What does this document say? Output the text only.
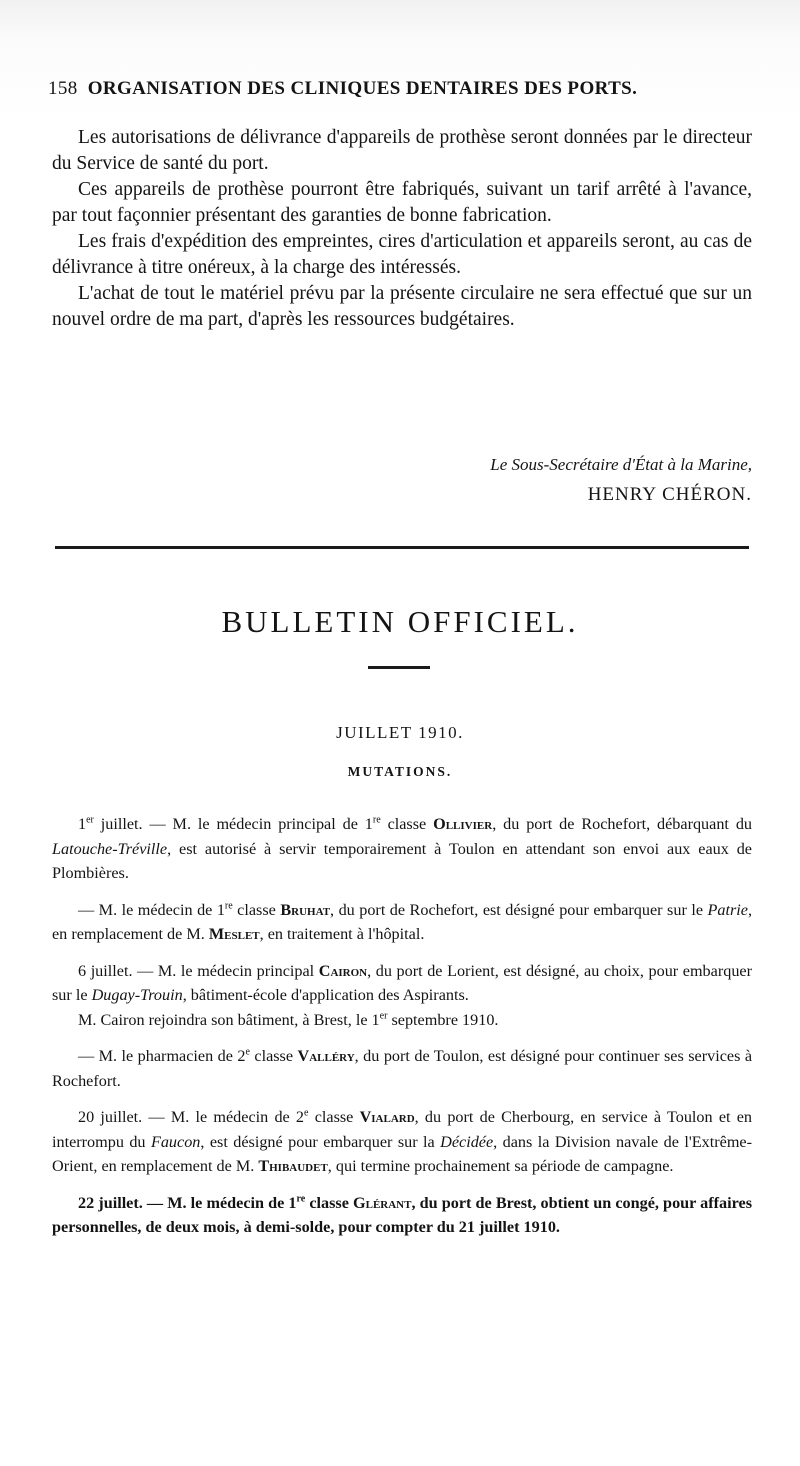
158 ORGANISATION DES CLINIQUES DENTAIRES DES PORTS.

Les autorisations de délivrance d'appareils de prothèse seront données par le directeur du Service de santé du port.

Ces appareils de prothèse pourront être fabriqués, suivant un tarif arrêté à l'avance, par tout façonnier présentant des garanties de bonne fabrication.

Les frais d'expédition des empreintes, cires d'articulation et appareils seront, au cas de délivrance à titre onéreux, à la charge des intéressés.

L'achat de tout le matériel prévu par la présente circulaire ne sera effectué que sur un nouvel ordre de ma part, d'après les ressources budgétaires.

Le Sous-Secrétaire d'État à la Marine,
HENRY CHÉRON.
BULLETIN OFFICIEL.
JUILLET 1910.
MUTATIONS.

1er juillet. — M. le médecin principal de 1re classe Ollivier, du port de Rochefort, débarquant du Latouche-Tréville, est autorisé à servir temporairement à Toulon en attendant son envoi aux eaux de Plombières.

— M. le médecin de 1re classe Bruhat, du port de Rochefort, est désigné pour embarquer sur le Patrie, en remplacement de M. Meslet, en traitement à l'hôpital.

6 juillet. — M. le médecin principal Cairon, du port de Lorient, est désigné, au choix, pour embarquer sur le Dugay-Trouin, bâtiment-école d'application des Aspirants.

M. Cairon rejoindra son bâtiment, à Brest, le 1er septembre 1910.

— M. le pharmacien de 2e classe Valléry, du port de Toulon, est désigné pour continuer ses services à Rochefort.

20 juillet. — M. le médecin de 2e classe Vialard, du port de Cherbourg, en service à Toulon et en interrompu du Faucon, est désigné pour embarquer sur la Décidée, dans la Division navale de l'Extrême-Orient, en remplacement de M. Thibaudet, qui termine prochainement sa période de campagne.

22 juillet. — M. le médecin de 1re classe Glérant, du port de Brest, obtient un congé, pour affaires personnelles, de deux mois, à demi-solde, pour compter du 21 juillet 1910.
